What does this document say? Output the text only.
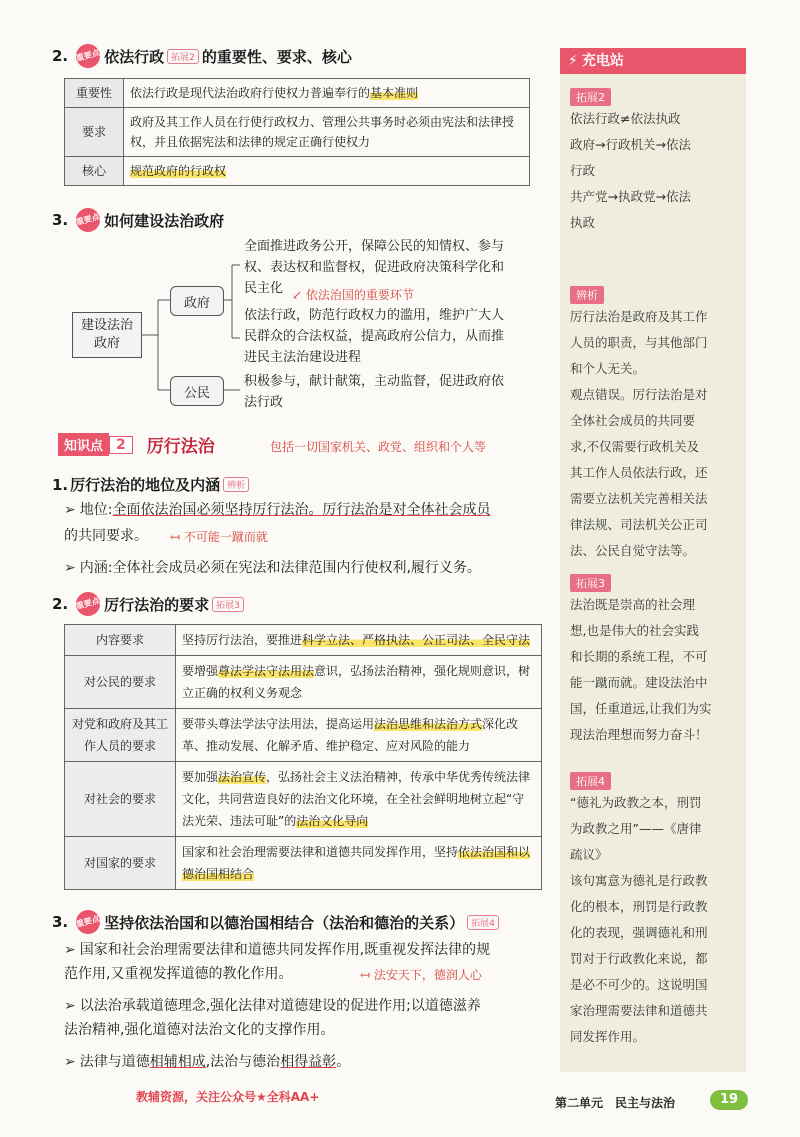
2. 重要点 依法行政 拓展2 的重要性、要求、核心
重要性	依法行政是现代法治政府行使权力普遍奉行的基本准则
要求	政府及其工作人员在行使行政权力、管理公共事务时必须由宪法和法律授权，并且依据宪法和法律的规定正确行使权力
核心	规范政府的行政权
3. 重要点 如何建设法治政府
建设法治政府
政府
公民
全面推进政务公开，保障公民的知情权、参与
权、表达权和监督权，促进政府决策科学化和
民主化 ↙ 依法治国的重要环节
依法行政，防范行政权力的滥用，维护广大人
民群众的合法权益，提高政府公信力，从而推
进民主法治建设进程
积极参与，献计献策，主动监督，促进政府依
法行政
知识点 2	厉行法治	包括一切国家机关、政党、组织和个人等
1. 厉行法治的地位及内涵 辨析
➢ 地位:全面依法治国必须坚持厉行法治。厉行法治是对全体社会成员
的共同要求。 ↤ 不可能一蹴而就
➢ 内涵:全体社会成员必须在宪法和法律范围内行使权利,履行义务。
2. 重要点 厉行法治的要求 拓展3
内容要求	坚持厉行法治，要推进科学立法、严格执法、公正司法、全民守法
对公民的要求	要增强尊法学法守法用法意识，弘扬法治精神，强化规则意识，树立正确的权利义务观念
对党和政府及其工作人员的要求	要带头尊法学法守法用法，提高运用法治思维和法治方式深化改革、推动发展、化解矛盾、维护稳定、应对风险的能力
对社会的要求	要加强法治宣传，弘扬社会主义法治精神，传承中华优秀传统法律文化，共同营造良好的法治文化环境，在全社会鲜明地树立起“守法光荣、违法可耻”的法治文化导向
对国家的要求	国家和社会治理需要法律和道德共同发挥作用，坚持依法治国和以德治国相结合
3. 重要点 坚持依法治国和以德治国相结合（法治和德治的关系） 拓展4
➢ 国家和社会治理需要法律和道德共同发挥作用,既重视发挥法律的规
范作用,又重视发挥道德的教化作用。	↤ 法安天下，德润人心
➢ 以法治承载道德理念,强化法律对道德建设的促进作用;以道德滋养
法治精神,强化道德对法治文化的支撑作用。
➢ 法律与道德相辅相成,法治与德治相得益彰。
教辅资源，关注公众号★全科AA+	第二单元　民主与法治	19
⚡ 充电站
拓展2
依法行政≠依法执政
政府→行政机关→依法
行政
共产党→执政党→依法
执政
辨析
厉行法治是政府及其工作
人员的职责，与其他部门
和个人无关。
观点错误。厉行法治是对
全体社会成员的共同要
求,不仅需要行政机关及
其工作人员依法行政，还
需要立法机关完善相关法
律法规、司法机关公正司
法、公民自觉守法等。
拓展3
法治既是崇高的社会理
想,也是伟大的社会实践
和长期的系统工程，不可
能一蹴而就。建设法治中
国，任重道远,让我们为实
现法治理想而努力奋斗！
拓展4
“德礼为政教之本，刑罚
为政教之用”——《唐律
疏议》
该句寓意为德礼是行政教
化的根本，刑罚是行政教
化的表现，强调德礼和刑
罚对于行政教化来说，都
是必不可少的。这说明国
家治理需要法律和道德共
同发挥作用。
